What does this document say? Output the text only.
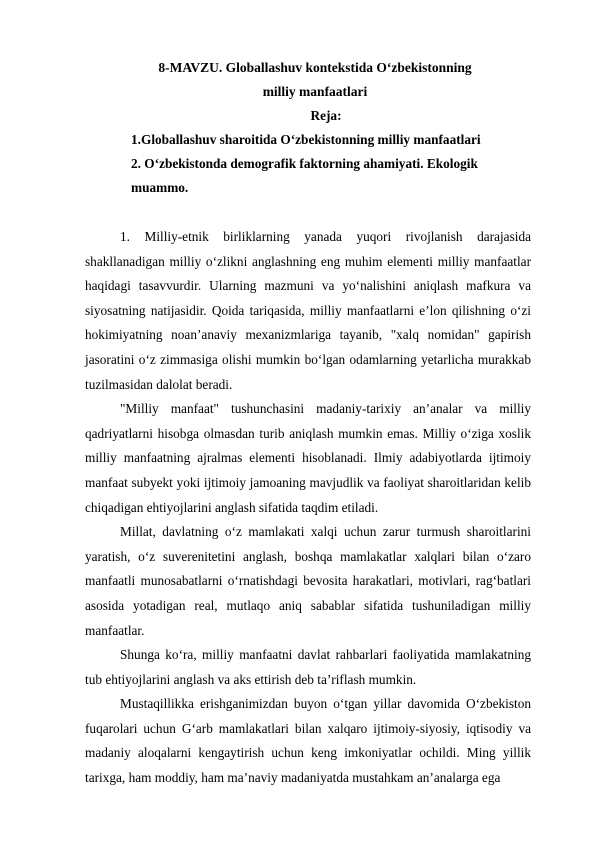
8-MAVZU. Globallashuv kontekstida O‘zbekistonning milliy manfaatlari
Reja:
1.Globallashuv sharoitida O‘zbekistonning milliy manfaatlari
2. O‘zbekistonda demografik faktorning ahamiyati. Ekologik muammo.

1. Milliy-etnik birliklarning yanada yuqori rivojlanish darajasida shakllanadigan milliy o‘zlikni anglashning eng muhim elementi milliy manfaatlar haqidagi tasavvurdir. Ularning mazmuni va yo‘nalishini aniqlash mafkura va siyosatning natijasidir. Qoida tariqasida, milliy manfaatlarni e’lon qilishning o‘zi hokimiyatning noan’anaviy mexanizmlariga tayanib, "xalq nomidan" gapirish jasoratini o‘z zimmasiga olishi mumkin bo‘lgan odamlarning yetarlicha murakkab tuzilmasidan dalolat beradi.

"Milliy manfaat" tushunchasini madaniy-tarixiy an’analar va milliy qadriyatlarni hisobga olmasdan turib aniqlash mumkin emas. Milliy o‘ziga xoslik milliy manfaatning ajralmas elementi hisoblanadi. Ilmiy adabiyotlarda ijtimoiy manfaat subyekt yoki ijtimoiy jamoaning mavjudlik va faoliyat sharoitlaridan kelib chiqadigan ehtiyojlarini anglash sifatida taqdim etiladi.

Millat, davlatning o‘z mamlakati xalqi uchun zarur turmush sharoitlarini yaratish, o‘z suverenitetini anglash, boshqa mamlakatlar xalqlari bilan o‘zaro manfaatli munosabatlarni o‘rnatishdagi bevosita harakatlari, motivlari, rag‘batlari asosida yotadigan real, mutlaqo aniq sabablar sifatida tushuniladigan milliy manfaatlar.

Shunga ko‘ra, milliy manfaatni davlat rahbarlari faoliyatida mamlakatning tub ehtiyojlarini anglash va aks ettirish deb ta’riflash mumkin.

Mustaqillikka erishganimizdan buyon o‘tgan yillar davomida O‘zbekiston fuqarolari uchun G‘arb mamlakatlari bilan xalqaro ijtimoiy-siyosiy, iqtisodiy va madaniy aloqalarni kengaytirish uchun keng imkoniyatlar ochildi. Ming yillik tarixga, ham moddiy, ham ma’naviy madaniyatda mustahkam an’analarga ega
